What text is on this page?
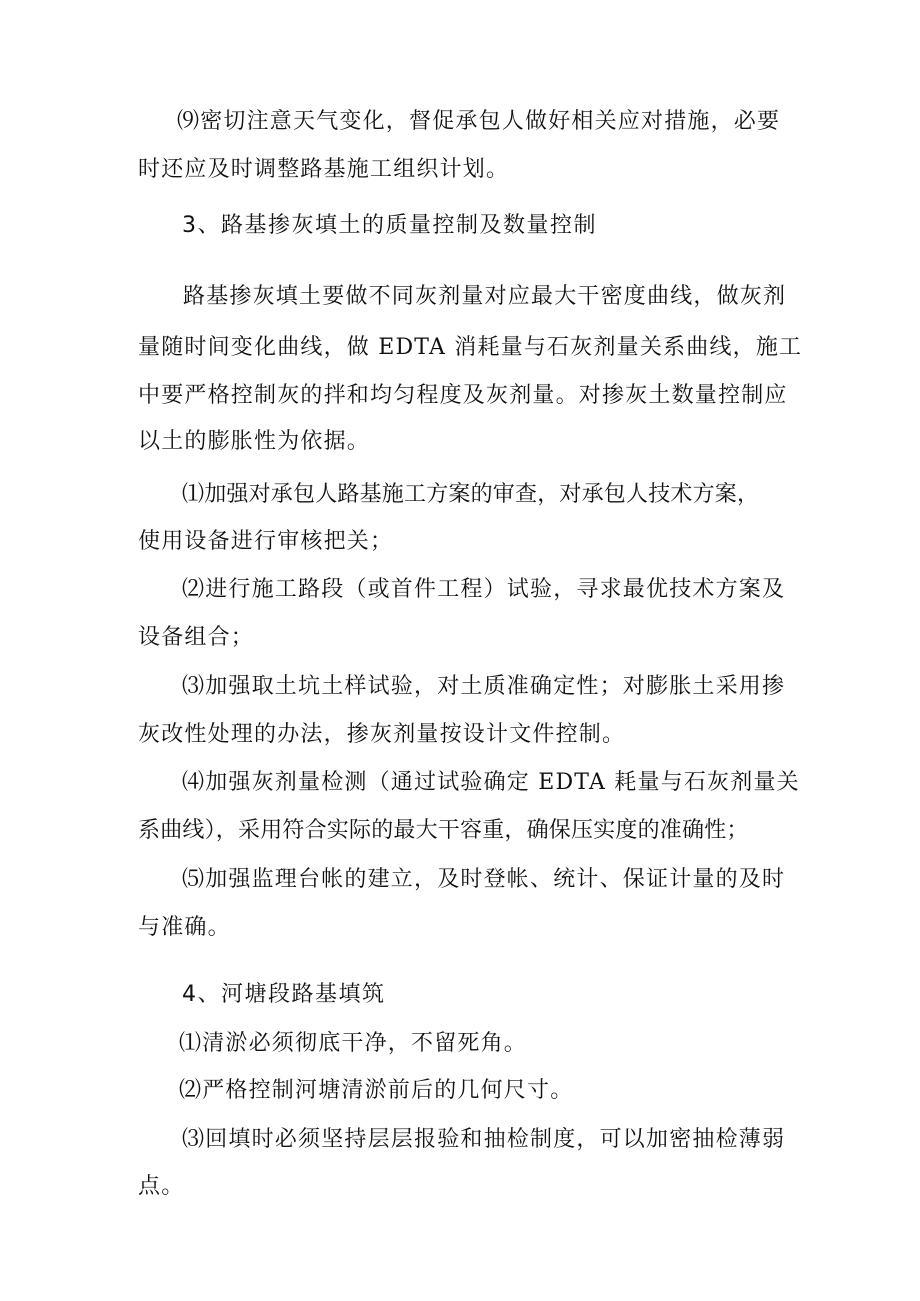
⑼密切注意天气变化，督促承包人做好相关应对措施，必要
时还应及时调整路基施工组织计划。
3、路基掺灰填土的质量控制及数量控制
路基掺灰填土要做不同灰剂量对应最大干密度曲线，做灰剂
量随时间变化曲线，做 EDTA 消耗量与石灰剂量关系曲线，施工
中要严格控制灰的拌和均匀程度及灰剂量。对掺灰土数量控制应
以土的膨胀性为依据。
⑴加强对承包人路基施工方案的审查，对承包人技术方案，
使用设备进行审核把关；
⑵进行施工路段（或首件工程）试验，寻求最优技术方案及
设备组合；
⑶加强取土坑土样试验，对土质准确定性；对膨胀土采用掺
灰改性处理的办法，掺灰剂量按设计文件控制。
⑷加强灰剂量检测（通过试验确定 EDTA 耗量与石灰剂量关
系曲线），采用符合实际的最大干容重，确保压实度的准确性；
⑸加强监理台帐的建立，及时登帐、统计、保证计量的及时
与准确。
4、河塘段路基填筑
⑴清淤必须彻底干净，不留死角。
⑵严格控制河塘清淤前后的几何尺寸。
⑶回填时必须坚持层层报验和抽检制度，可以加密抽检薄弱
点。
